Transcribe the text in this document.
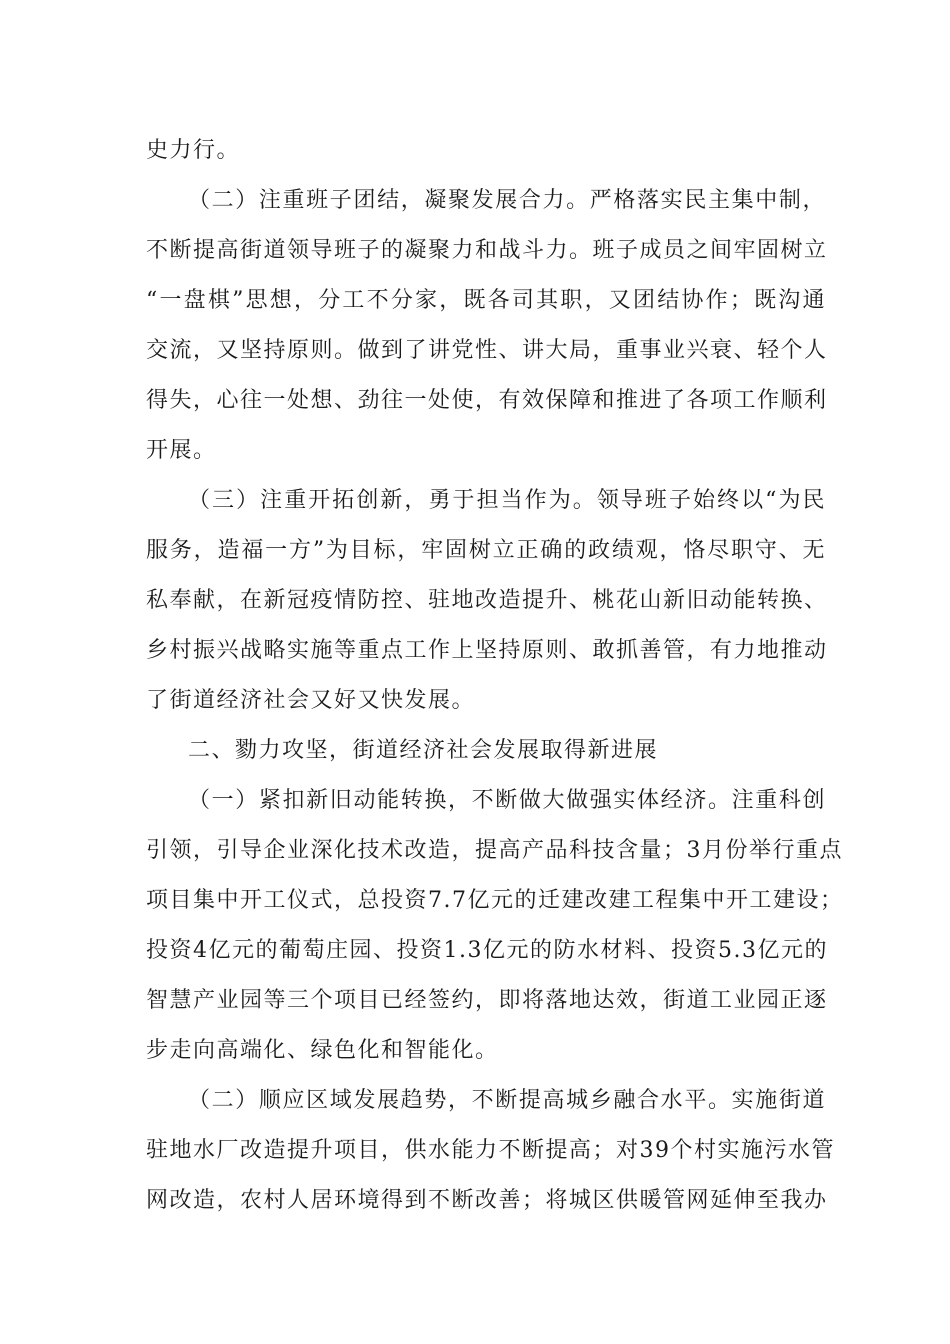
史力行。
（二）注重班子团结，凝聚发展合力。严格落实民主集中制，
不断提高街道领导班子的凝聚力和战斗力。班子成员之间牢固树立
“一盘棋”思想，分工不分家，既各司其职，又团结协作；既沟通
交流，又坚持原则。做到了讲党性、讲大局，重事业兴衰、轻个人
得失，心往一处想、劲往一处使，有效保障和推进了各项工作顺利
开展。
（三）注重开拓创新，勇于担当作为。领导班子始终以“为民
服务，造福一方”为目标，牢固树立正确的政绩观，恪尽职守、无
私奉献，在新冠疫情防控、驻地改造提升、桃花山新旧动能转换、
乡村振兴战略实施等重点工作上坚持原则、敢抓善管，有力地推动
了街道经济社会又好又快发展。
二、勠力攻坚，街道经济社会发展取得新进展
（一）紧扣新旧动能转换，不断做大做强实体经济。注重科创
引领，引导企业深化技术改造，提高产品科技含量；3月份举行重点
项目集中开工仪式，总投资7.7亿元的迁建改建工程集中开工建设；
投资4亿元的葡萄庄园、投资1.3亿元的防水材料、投资5.3亿元的
智慧产业园等三个项目已经签约，即将落地达效，街道工业园正逐
步走向高端化、绿色化和智能化。
（二）顺应区域发展趋势，不断提高城乡融合水平。实施街道
驻地水厂改造提升项目，供水能力不断提高；对39个村实施污水管
网改造，农村人居环境得到不断改善；将城区供暖管网延伸至我办
